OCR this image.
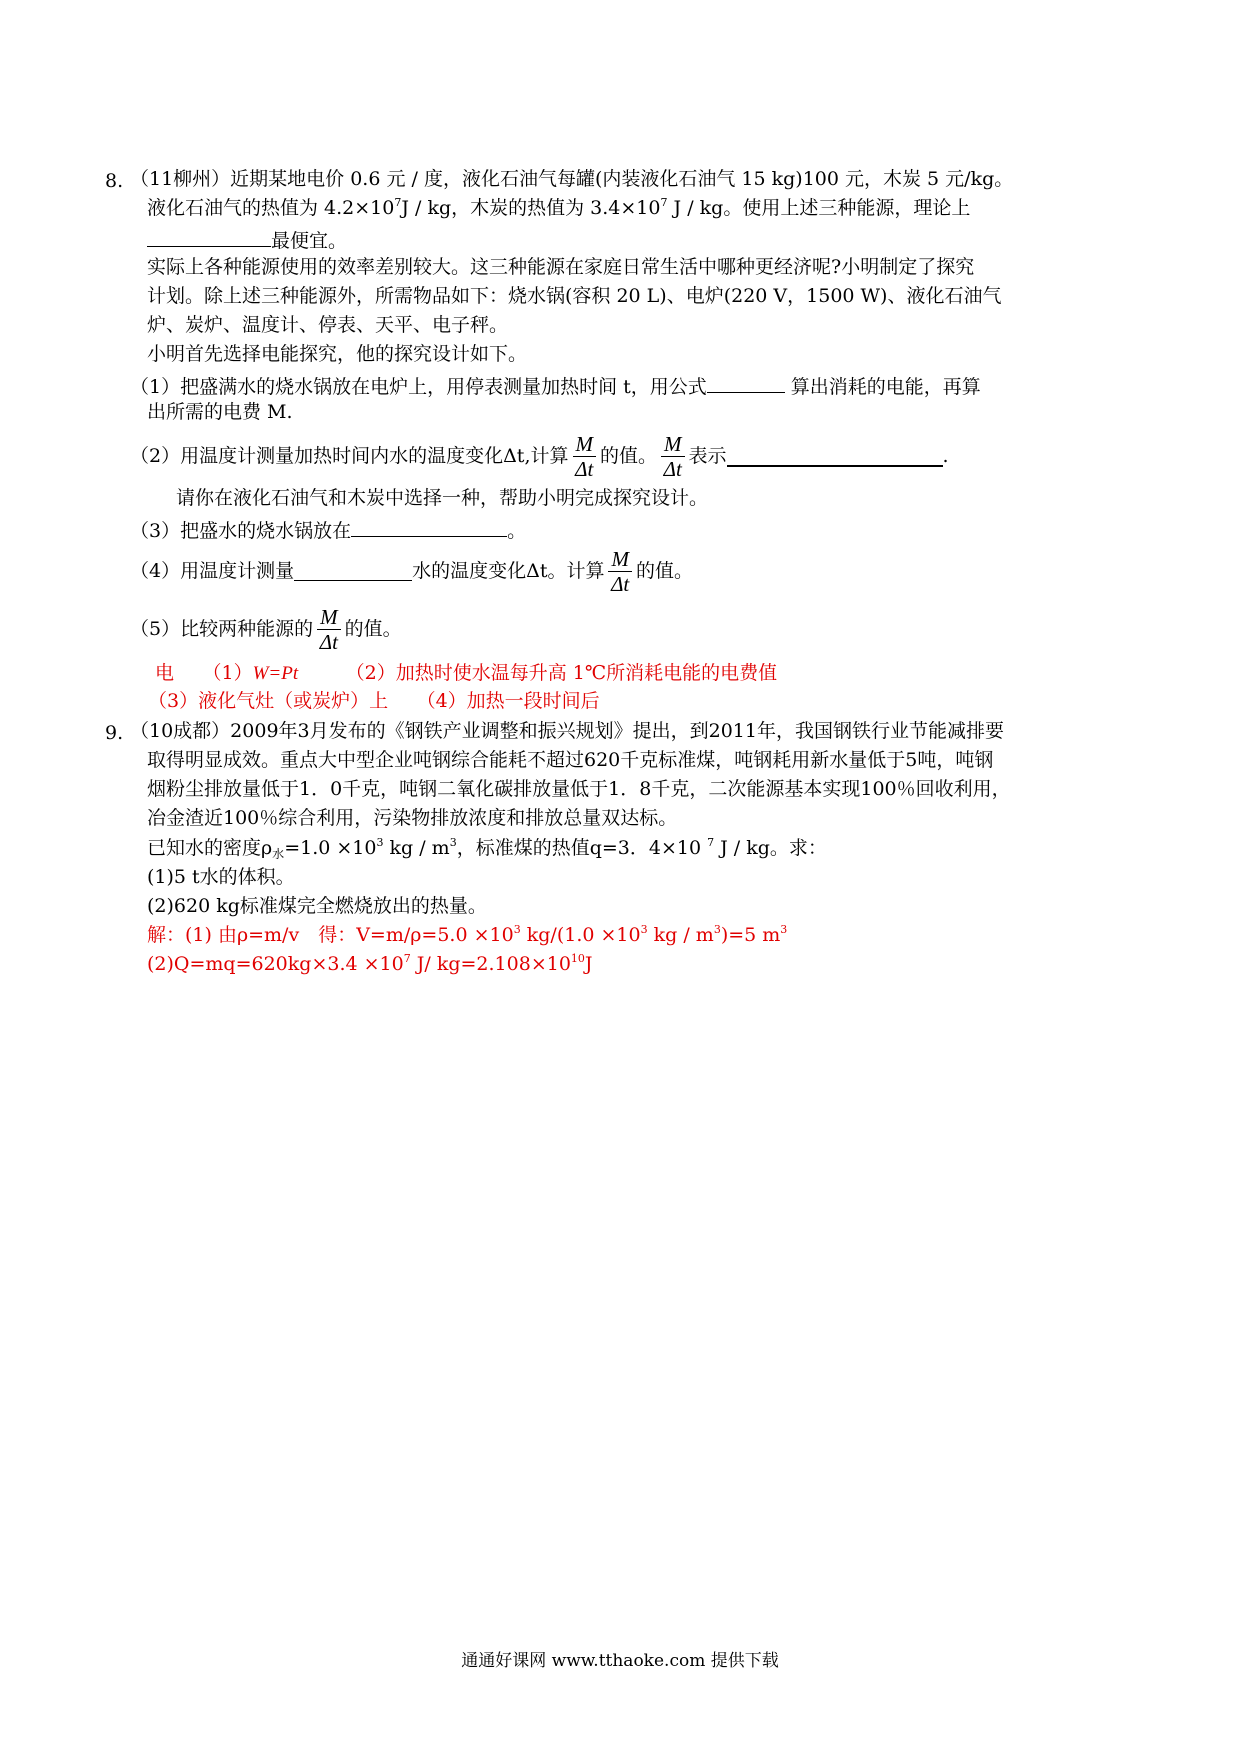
8. （11柳州）近期某地电价 0.6 元 / 度，液化石油气每罐(内装液化石油气 15 kg)100 元，木炭 5 元/kg。
液化石油气的热值为 $4.2\times 10^7J$ / kg，木炭的热值为 $3.4\times 10^7$ J / kg。使用上述三种能源，理论上
最便宜。
实际上各种能源使用的效率差别较大。这三种能源在家庭日常生活中哪种更经济呢?小明制定了探究
计划。除上述三种能源外，所需物品如下：烧水锅(容积 20 L)、电炉(220 V，1500 W)、液化石油气
炉、炭炉、温度计、停表、天平、电子秤。
小明首先选择电能探究，他的探究设计如下。
（1）把盛满水的烧水锅放在电炉上，用停表测量加热时间 t，用公式	算出消耗的电能，再算
出所需的电费 M.
（2）用温度计测量加热时间内水的温度变化Δt,计算 $\frac{M}{\Delta t}$ 的值。 $\frac{M}{\Delta t}$ 表示	.
请你在液化石油气和木炭中选择一种，帮助小明完成探究设计。
（3）把盛水的烧水锅放在	。
（4）用温度计测量	水的温度变化Δt。计算 $\frac{M}{\Delta t}$ 的值。
（5）比较两种能源的 $\frac{M}{\Delta t}$ 的值。
电　　（1）W=Pt　　　（2）加热时使水温每升高 1℃所消耗电能的电费值
（3）液化气灶（或炭炉）上　　（4）加热一段时间后
9. （10成都）2009年3月发布的《钢铁产业调整和振兴规划》提出，到2011年，我国钢铁行业节能减排要
取得明显成效。重点大中型企业吨钢综合能耗不超过620千克标准煤，吨钢耗用新水量低于5吨，吨钢
烟粉尘排放量低于1．0千克，吨钢二氧化碳排放量低于1．8千克，二次能源基本实现100％回收利用，
冶金渣近100％综合利用，污染物排放浓度和排放总量双达标。
已知水的密度$\rho_水=1.0 \times 10^3$ kg / $m^3$，标准煤的热值q=3．4×10 $^7$ J / kg。求：
(1)5 t水的体积。
(2)620 kg标准煤完全燃烧放出的热量。
解：(1) 由ρ=m/v　得：$V=m/\rho=5.0 \times 10^3$ $kg/(1.0 \times 10^3$ kg / $m^3)=5$ $m^3$
$(2)Q=mq=620kg\times 3.4 \times 10^7$ J/ $kg=2.108\times 10^{10}J$
通通好课网 www.tthaoke.com 提供下载
